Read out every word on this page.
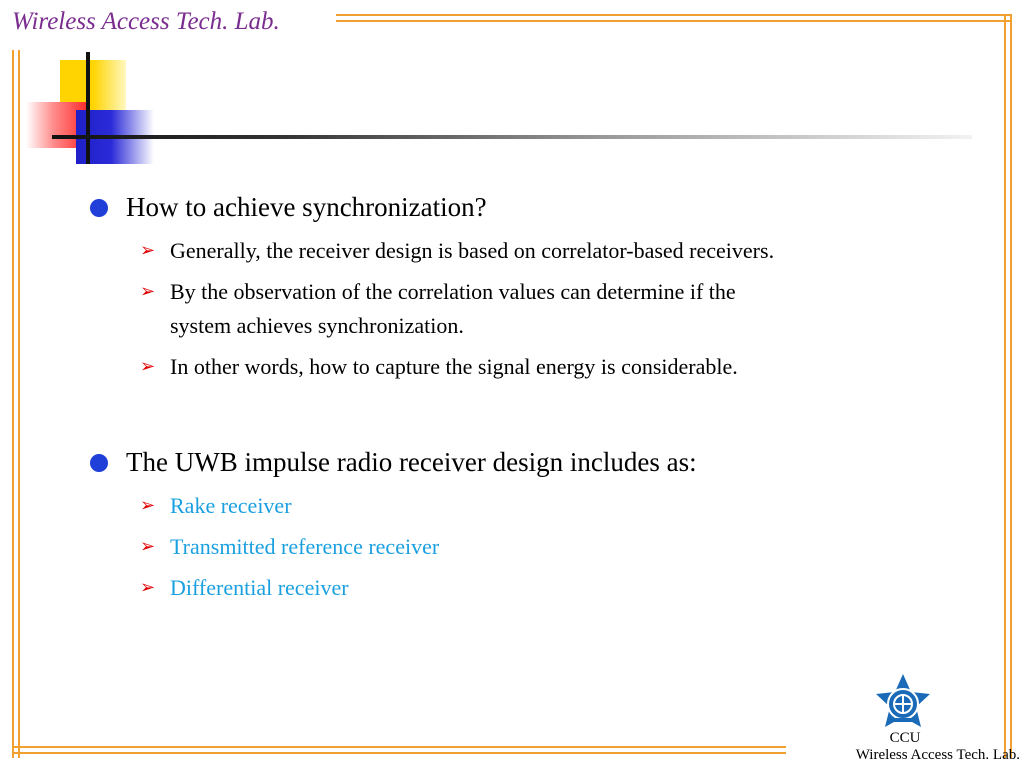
Wireless Access Tech. Lab.
How to achieve synchronization?
➢ Generally, the receiver design is based on correlator-based receivers.
➢ By the observation of the correlation values can determine if the
system achieves synchronization.
➢ In other words, how to capture the signal energy is considerable.
The UWB impulse radio receiver design includes as:
➢ Rake receiver
➢ Transmitted reference receiver
➢ Differential receiver
CCU
Wireless Access Tech. Lab.
